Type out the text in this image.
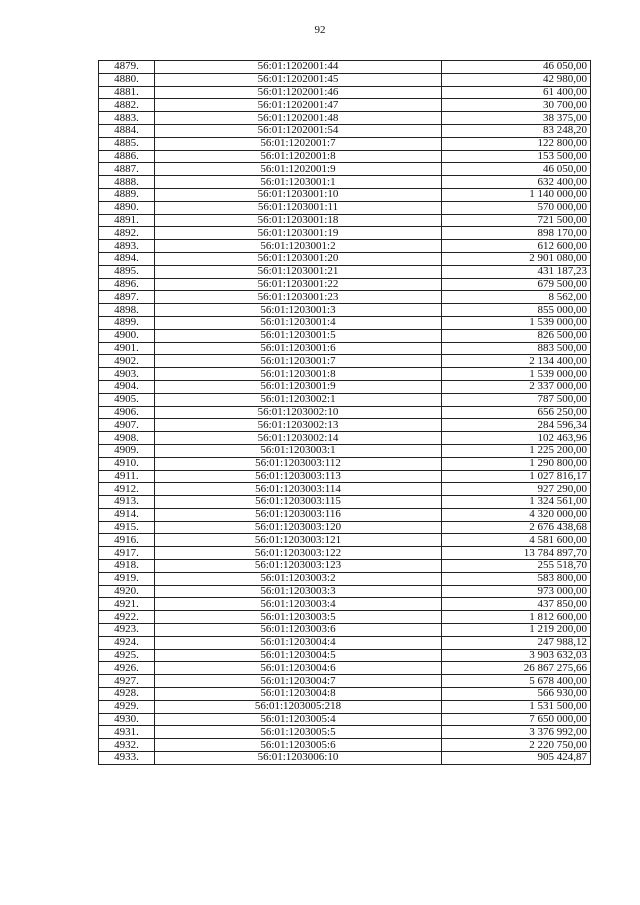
92
4879.	56:01:1202001:44	46 050,00
4880.	56:01:1202001:45	42 980,00
4881.	56:01:1202001:46	61 400,00
4882.	56:01:1202001:47	30 700,00
4883.	56:01:1202001:48	38 375,00
4884.	56:01:1202001:54	83 248,20
4885.	56:01:1202001:7	122 800,00
4886.	56:01:1202001:8	153 500,00
4887.	56:01:1202001:9	46 050,00
4888.	56:01:1203001:1	632 400,00
4889.	56:01:1203001:10	1 140 000,00
4890.	56:01:1203001:11	570 000,00
4891.	56:01:1203001:18	721 500,00
4892.	56:01:1203001:19	898 170,00
4893.	56:01:1203001:2	612 600,00
4894.	56:01:1203001:20	2 901 080,00
4895.	56:01:1203001:21	431 187,23
4896.	56:01:1203001:22	679 500,00
4897.	56:01:1203001:23	8 562,00
4898.	56:01:1203001:3	855 000,00
4899.	56:01:1203001:4	1 539 000,00
4900.	56:01:1203001:5	826 500,00
4901.	56:01:1203001:6	883 500,00
4902.	56:01:1203001:7	2 134 400,00
4903.	56:01:1203001:8	1 539 000,00
4904.	56:01:1203001:9	2 337 000,00
4905.	56:01:1203002:1	787 500,00
4906.	56:01:1203002:10	656 250,00
4907.	56:01:1203002:13	284 596,34
4908.	56:01:1203002:14	102 463,96
4909.	56:01:1203003:1	1 225 200,00
4910.	56:01:1203003:112	1 290 800,00
4911.	56:01:1203003:113	1 027 816,17
4912.	56:01:1203003:114	927 290,00
4913.	56:01:1203003:115	1 324 561,00
4914.	56:01:1203003:116	4 320 000,00
4915.	56:01:1203003:120	2 676 438,68
4916.	56:01:1203003:121	4 581 600,00
4917.	56:01:1203003:122	13 784 897,70
4918.	56:01:1203003:123	255 518,70
4919.	56:01:1203003:2	583 800,00
4920.	56:01:1203003:3	973 000,00
4921.	56:01:1203003:4	437 850,00
4922.	56:01:1203003:5	1 812 600,00
4923.	56:01:1203003:6	1 219 200,00
4924.	56:01:1203004:4	247 988,12
4925.	56:01:1203004:5	3 903 632,03
4926.	56:01:1203004:6	26 867 275,66
4927.	56:01:1203004:7	5 678 400,00
4928.	56:01:1203004:8	566 930,00
4929.	56:01:1203005:218	1 531 500,00
4930.	56:01:1203005:4	7 650 000,00
4931.	56:01:1203005:5	3 376 992,00
4932.	56:01:1203005:6	2 220 750,00
4933.	56:01:1203006:10	905 424,87
